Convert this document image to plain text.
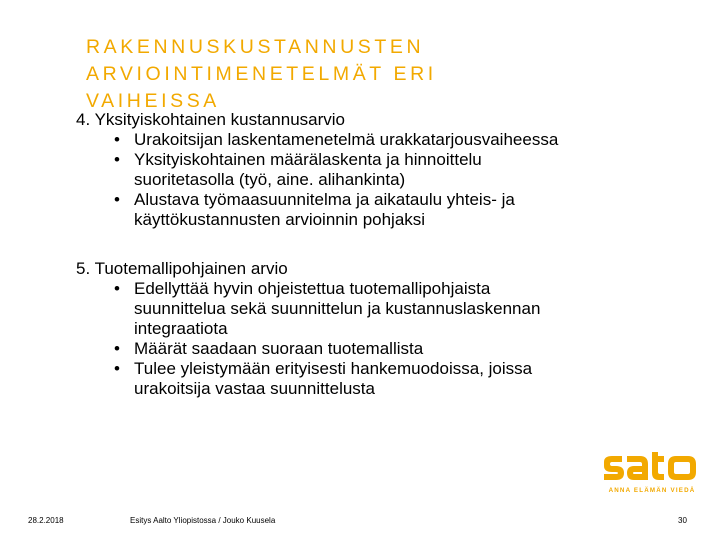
RAKENNUSKUSTANNUSTEN
ARVIOINTIMENETELMÄT ERI
VAIHEISSA
4. Yksityiskohtainen kustannusarvio
• Urakoitsijan laskentamenetelmä urakkatarjousvaiheessa
• Yksityiskohtainen määrälaskenta ja hinnoittelu
suoritetasolla (työ, aine. alihankinta)
• Alustava työmaasuunnitelma ja aikataulu yhteis- ja
käyttökustannusten arvioinnin pohjaksi
5. Tuotemallipohjainen arvio
• Edellyttää hyvin ohjeistettua tuotemallipohjaista
suunnittelua sekä suunnittelun ja kustannuslaskennan
integraatiota
• Määrät saadaan suoraan tuotemallista
• Tulee yleistymään erityisesti hankemuodoissa, joissa
urakoitsija vastaa suunnittelusta
ANNA ELÄMÄN VIEDÄ
28.2.2018	Esitys Aalto Yliopistossa / Jouko Kuusela	30
